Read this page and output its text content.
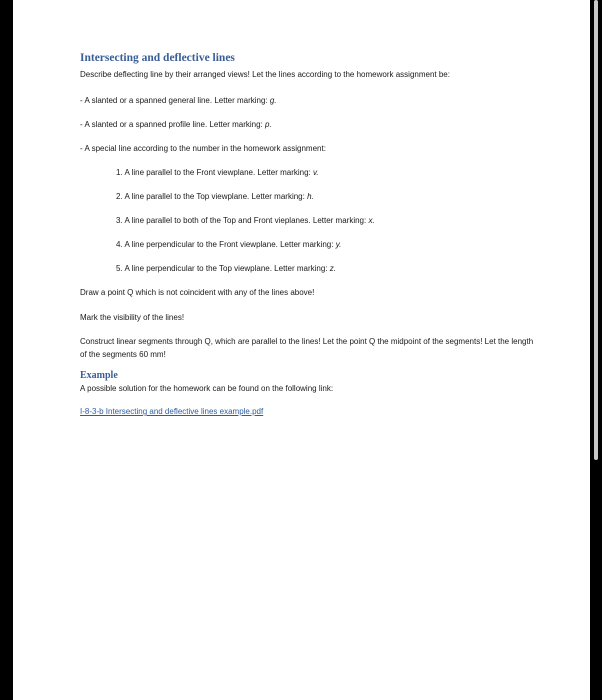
Intersecting and deflective lines

Describe deflecting line by their arranged views! Let the lines according to the homework assignment be:

- A slanted or a spanned general line. Letter marking: g.

- A slanted or a spanned profile line. Letter marking: p.

- A special line according to the number in the homework assignment:

1. A line parallel to the Front viewplane. Letter marking: v.

2. A line parallel to the Top viewplane. Letter marking: h.

3. A line parallel to both of the Top and Front vieplanes. Letter marking: x.

4. A line perpendicular to the Front viewplane. Letter marking: y.

5. A line perpendicular to the Top viewplane. Letter marking: z.

Draw a point Q which is not coincident with any of the lines above!

Mark the visibility of the lines!

Construct linear segments through Q, which are parallel to the lines! Let the point Q the midpoint of the segments! Let the length of the segments 60 mm!

Example

A possible solution for the homework can be found on the following link:

I-8-3-b Intersecting and deflective lines example.pdf
